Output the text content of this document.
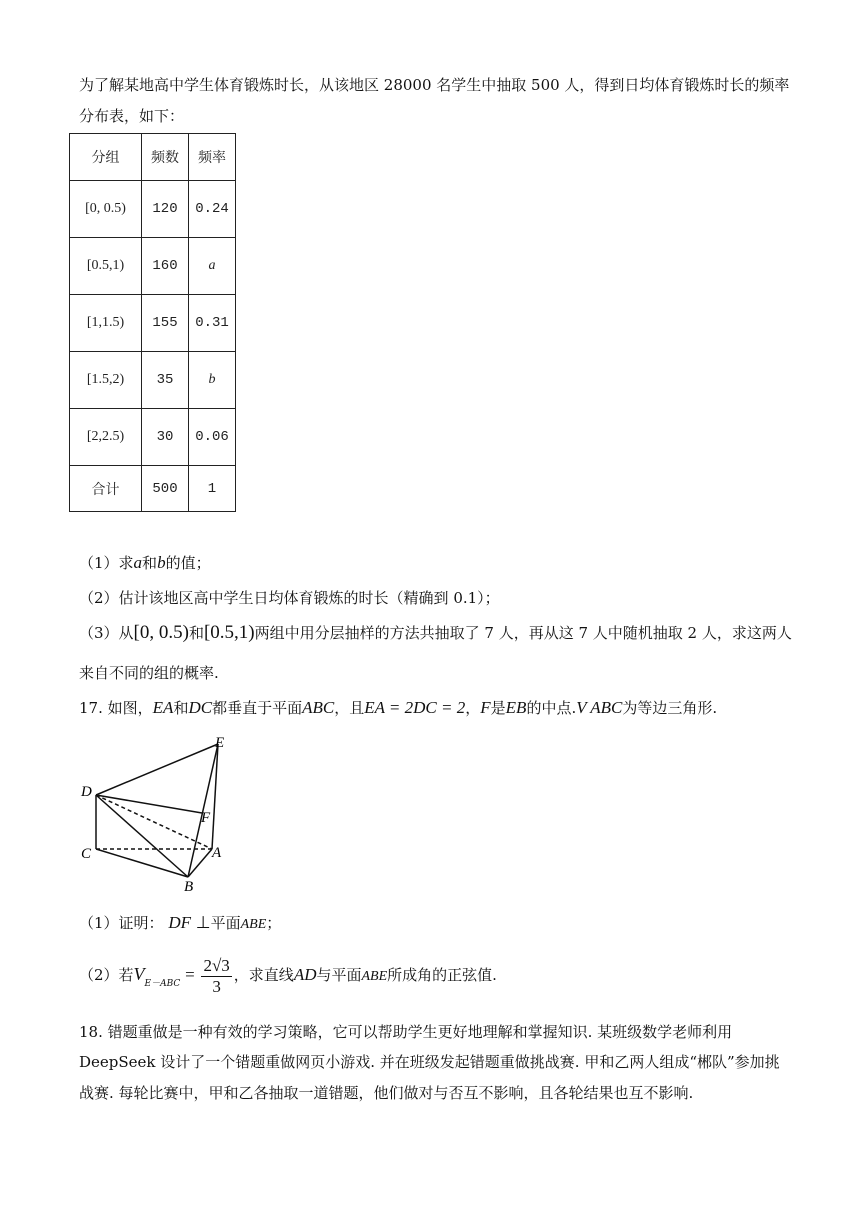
为了解某地高中学生体育锻炼时长，从该地区 28000 名学生中抽取 500 人，得到日均体育锻炼时长的频率
分布表，如下：
分组	频数	频率
[0, 0.5)	120	0.24
[0.5,1)	160	a
[1,1.5)	155	0.31
[1.5,2)	35	b
[2,2.5)	30	0.06
合计	500	1
（1）求a和b的值；
（2）估计该地区高中学生日均体育锻炼的时长（精确到 0.1）；
（3）从[0, 0.5)和[0.5,1)两组中用分层抽样的方法共抽取了 7 人，再从这 7 人中随机抽取 2 人，求这两人
来自不同的组的概率.
17. 如图，EA和DC都垂直于平面ABC，且EA = 2DC = 2，F是EB的中点.V ABC为等边三角形.
E
D
F
C	A
B
（1）证明： DF ⊥平面ABE；
（2）若$V_{E-ABC} = \frac{2√3}{3}$ ，求直线AD与平面ABE所成角的正弦值.
18. 错题重做是一种有效的学习策略，它可以帮助学生更好地理解和掌握知识. 某班级数学老师利用
DeepSeek 设计了一个错题重做网页小游戏. 并在班级发起错题重做挑战赛. 甲和乙两人组成“郴队”参加挑
战赛. 每轮比赛中，甲和乙各抽取一道错题，他们做对与否互不影响，且各轮结果也互不影响.
